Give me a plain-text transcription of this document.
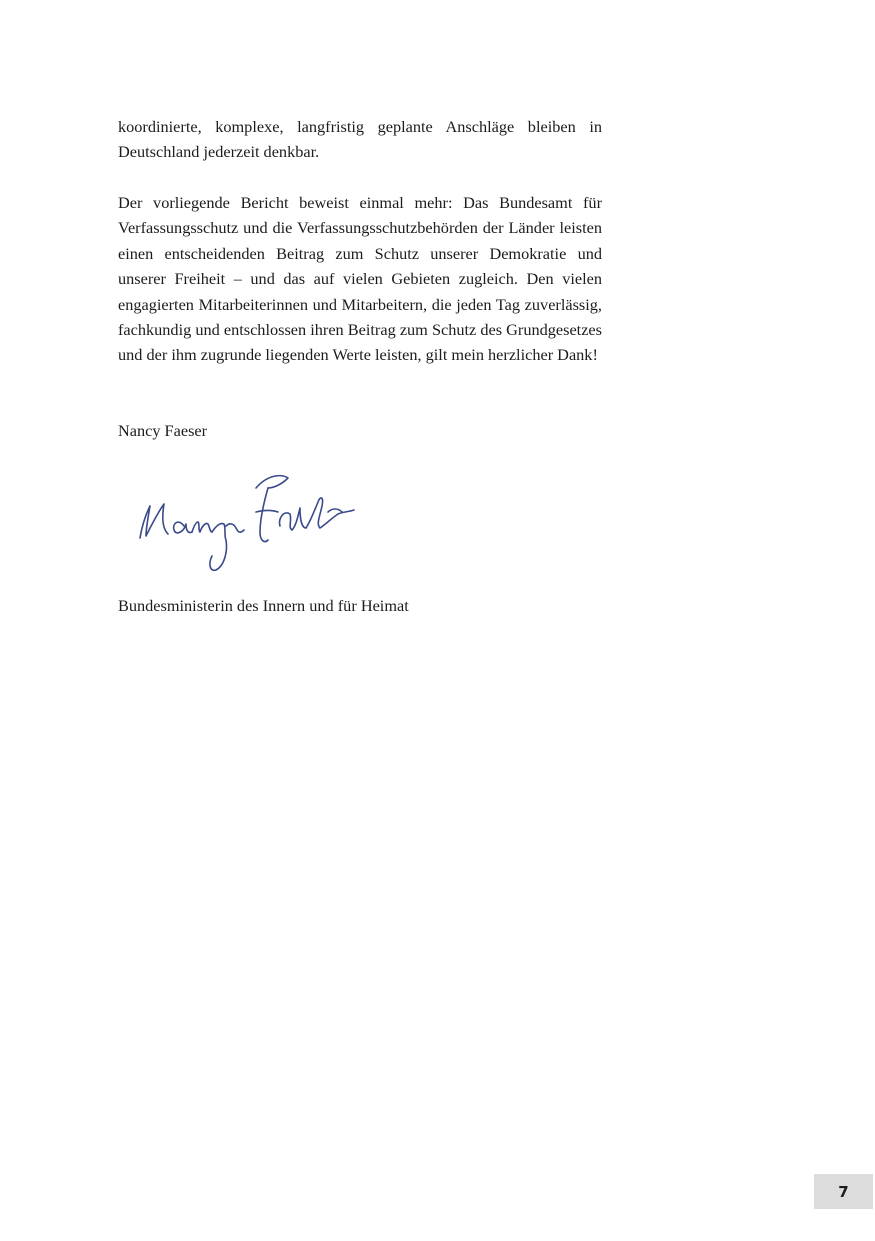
koordinierte, komplexe, langfristig geplante Anschläge bleiben in Deutschland jederzeit denkbar.

Der vorliegende Bericht beweist einmal mehr: Das Bundesamt für Verfassungsschutz und die Verfassungsschutzbehörden der Länder leisten einen entscheidenden Beitrag zum Schutz unserer Demokratie und unserer Freiheit – und das auf vielen Gebieten zugleich. Den vielen engagierten Mitarbeiterinnen und Mitarbeitern, die jeden Tag zuverlässig, fachkundig und entschlossen ihren Beitrag zum Schutz des Grundgesetzes und der ihm zugrunde liegenden Werte leisten, gilt mein herzlicher Dank!

Nancy Faeser

Bundesministerin des Innern und für Heimat

7
